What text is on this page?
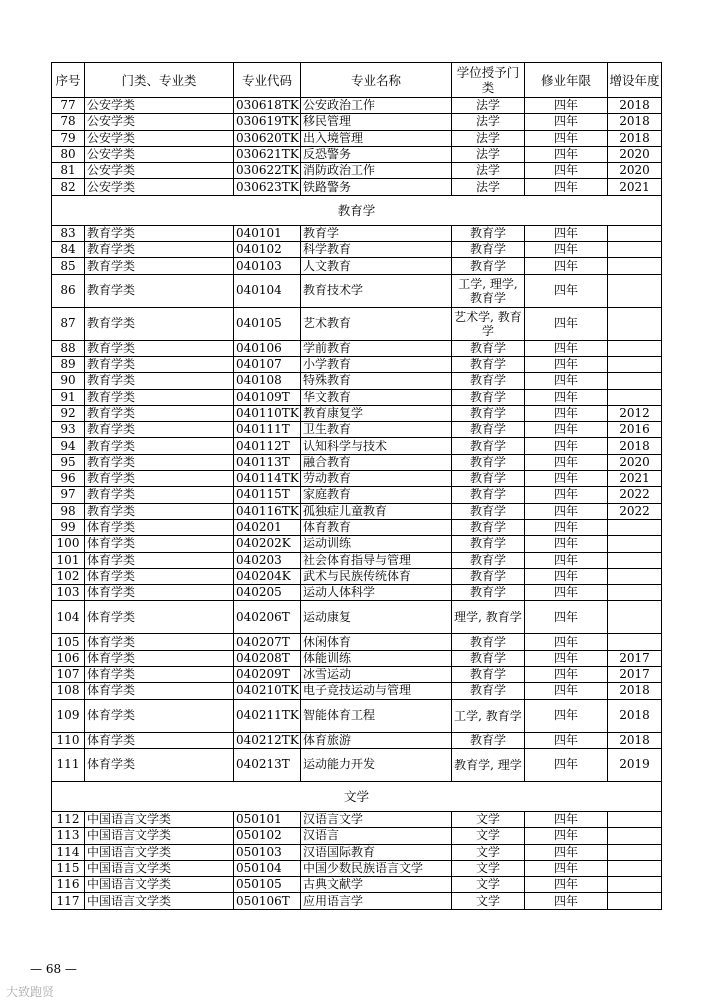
序号	门类、专业类	专业代码	专业名称	学位授予门类	修业年限	增设年度
77	公安学类	030618TK	公安政治工作	法学	四年	2018
78	公安学类	030619TK	移民管理	法学	四年	2018
79	公安学类	030620TK	出入境管理	法学	四年	2018
80	公安学类	030621TK	反恐警务	法学	四年	2020
81	公安学类	030622TK	消防政治工作	法学	四年	2020
82	公安学类	030623TK	铁路警务	法学	四年	2021
教育学						
83	教育学类	040101	教育学	教育学	四年	
84	教育学类	040102	科学教育	教育学	四年	
85	教育学类	040103	人文教育	教育学	四年	
86	教育学类	040104	教育技术学	工学, 理学, 教育学	四年	
87	教育学类	040105	艺术教育	艺术学, 教育学	四年	
88	教育学类	040106	学前教育	教育学	四年	
89	教育学类	040107	小学教育	教育学	四年	
90	教育学类	040108	特殊教育	教育学	四年	
91	教育学类	040109T	华文教育	教育学	四年	
92	教育学类	040110TK	教育康复学	教育学	四年	2012
93	教育学类	040111T	卫生教育	教育学	四年	2016
94	教育学类	040112T	认知科学与技术	教育学	四年	2018
95	教育学类	040113T	融合教育	教育学	四年	2020
96	教育学类	040114TK	劳动教育	教育学	四年	2021
97	教育学类	040115T	家庭教育	教育学	四年	2022
98	教育学类	040116TK	孤独症儿童教育	教育学	四年	2022
99	体育学类	040201	体育教育	教育学	四年	
100	体育学类	040202K	运动训练	教育学	四年	
101	体育学类	040203	社会体育指导与管理	教育学	四年	
102	体育学类	040204K	武术与民族传统体育	教育学	四年	
103	体育学类	040205	运动人体科学	教育学	四年	
104	体育学类	040206T	运动康复	理学, 教育学	四年	
105	体育学类	040207T	休闲体育	教育学	四年	
106	体育学类	040208T	体能训练	教育学	四年	2017
107	体育学类	040209T	冰雪运动	教育学	四年	2017
108	体育学类	040210TK	电子竞技运动与管理	教育学	四年	2018
109	体育学类	040211TK	智能体育工程	工学, 教育学	四年	2018
110	体育学类	040212TK	体育旅游	教育学	四年	2018
111	体育学类	040213T	运动能力开发	教育学, 理学	四年	2019
文学						
112	中国语言文学类	050101	汉语言文学	文学	四年	
113	中国语言文学类	050102	汉语言	文学	四年	
114	中国语言文学类	050103	汉语国际教育	文学	四年	
115	中国语言文学类	050104	中国少数民族语言文学	文学	四年	
116	中国语言文学类	050105	古典文献学	文学	四年	
117	中国语言文学类	050106T	应用语言学	文学	四年	
— 68 —
大致跑贤
